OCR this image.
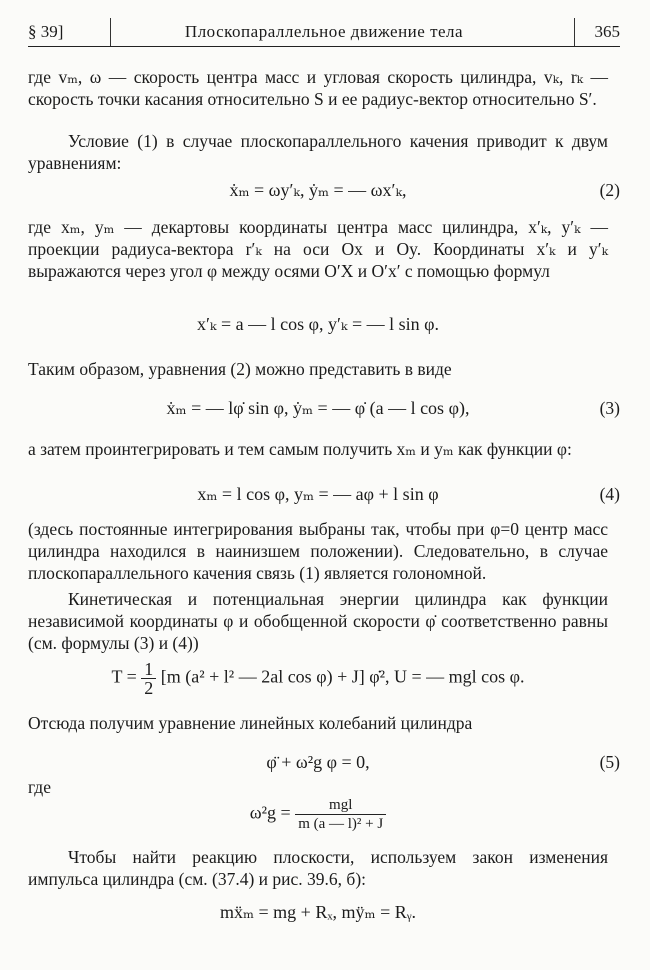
§ 39]	Плоскопараллельное движение тела	365
где vₘ, ω — скорость центра масс и угловая скорость цилиндра, vₖ, rₖ — скорость точки касания относительно S и ее радиус-вектор относительно S′.
Условие (1) в случае плоскопараллельного качения приводит к двум уравнениям:
ẋₘ = ωy′ₖ, ẏₘ = — ωx′ₖ,	(2)
где xₘ, yₘ — декартовы координаты центра масс цилиндра, x′ₖ, y′ₖ — проекции радиуса-вектора r′ₖ на оси Ox и Oy. Координаты x′ₖ и y′ₖ выражаются через угол φ между осями O′X и O′x′ с помощью формул
x′ₖ = a — l cos φ, y′ₖ = — l sin φ.
Таким образом, уравнения (2) можно представить в виде
ẋₘ = — lφ̇ sin φ, ẏₘ = — φ̇ (a — l cos φ),	(3)
а затем проинтегрировать и тем самым получить xₘ и yₘ как функции φ:
xₘ = l cos φ, yₘ = — aφ + l sin φ	(4)
(здесь постоянные интегрирования выбраны так, чтобы при φ=0 центр масс цилиндра находился в наинизшем положении). Следовательно, в случае плоскопараллельного качения связь (1) является голономной.
Кинетическая и потенциальная энергии цилиндра как функции независимой координаты φ и обобщенной скорости φ̇ соответственно равны (см. формулы (3) и (4))
$T = \frac{1}{2} [m$ (a² + l² — 2al cos φ) + J] φ̇², U = — mgl cos φ.
Отсюда получим уравнение линейных колебаний цилиндра
φ̈ + ω²g φ = 0,	(5)
где
$\omega^2g = \frac{\text{mgl}}{\text{m (a — l)² + J}}$
Чтобы найти реакцию плоскости, используем закон изменения импульса цилиндра (см. (37.4) и рис. 39.6, б):
mẍₘ = mg + Rₓ, mÿₘ = Rᵧ.
